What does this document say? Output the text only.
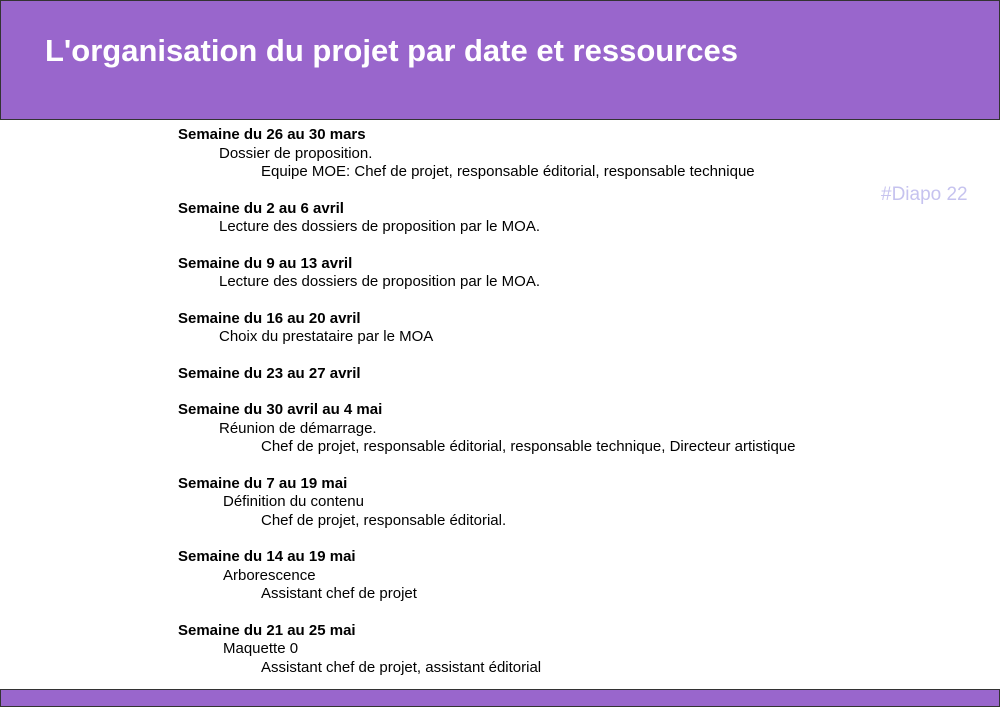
L'organisation du projet par date et ressources
#Diapo 22
Semaine du 26 au 30 mars
Dossier de proposition.
Equipe MOE: Chef de projet, responsable éditorial, responsable technique
Semaine du 2 au 6 avril
Lecture des dossiers de proposition par le MOA.
Semaine du 9 au 13 avril
Lecture des dossiers de proposition par le MOA.
Semaine du 16 au 20 avril
Choix du prestataire par le MOA
Semaine du 23 au 27 avril
Semaine du 30 avril au 4 mai
Réunion de démarrage.
Chef de projet, responsable éditorial, responsable technique, Directeur artistique
Semaine du 7 au 19 mai
Définition du contenu
Chef de projet, responsable éditorial.
Semaine du 14 au 19 mai
Arborescence
Assistant chef de projet
Semaine du 21 au 25 mai
Maquette 0
Assistant chef de projet, assistant éditorial
